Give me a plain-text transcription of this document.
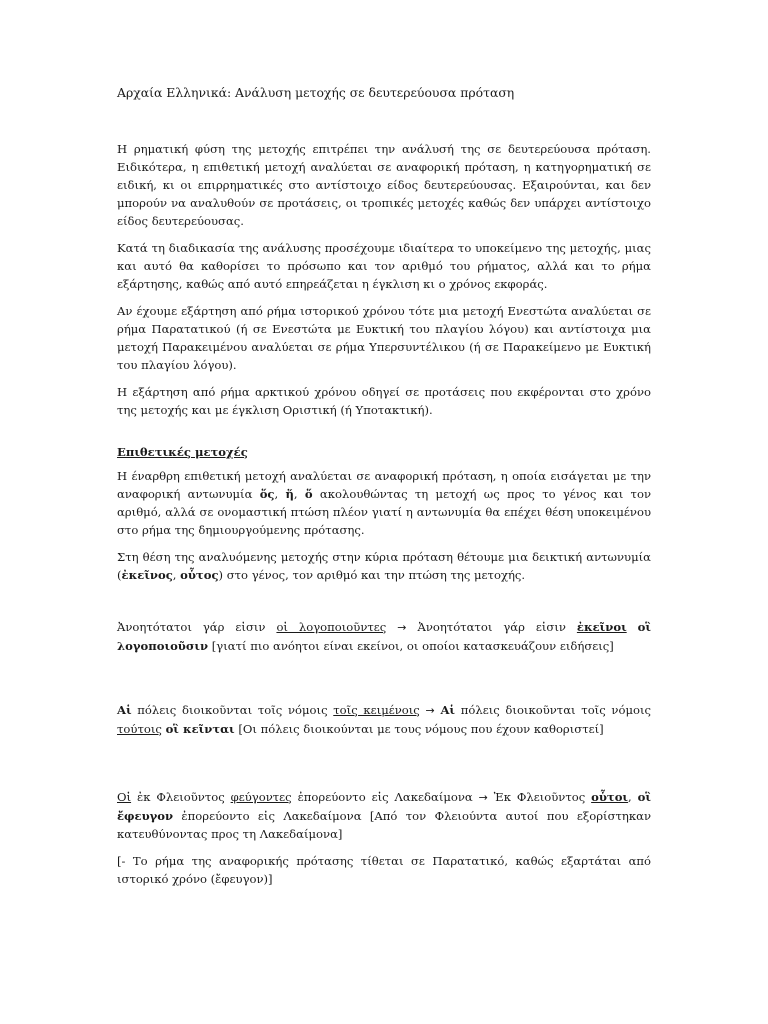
Αρχαία Ελληνικά: Ανάλυση μετοχής σε δευτερεύουσα πρόταση

Η ρηματική φύση της μετοχής επιτρέπει την ανάλυσή της σε δευτερεύουσα πρόταση. Ειδικότερα, η επιθετική μετοχή αναλύεται σε αναφορική πρόταση, η κατηγορηματική σε ειδική, κι οι επιρρηματικές στο αντίστοιχο είδος δευτερεύουσας. Εξαιρούνται, και δεν μπορούν να αναλυθούν σε προτάσεις, οι τροπικές μετοχές καθώς δεν υπάρχει αντίστοιχο είδος δευτερεύουσας.

Κατά τη διαδικασία της ανάλυσης προσέχουμε ιδιαίτερα το υποκείμενο της μετοχής, μιας και αυτό θα καθορίσει το πρόσωπο και τον αριθμό του ρήματος, αλλά και το ρήμα εξάρτησης, καθώς από αυτό επηρεάζεται η έγκλιση κι ο χρόνος εκφοράς.

Αν έχουμε εξάρτηση από ρήμα ιστορικού χρόνου τότε μια μετοχή Ενεστώτα αναλύεται σε ρήμα Παρατατικού (ή σε Ενεστώτα με Ευκτική του πλαγίου λόγου) και αντίστοιχα μια μετοχή Παρακειμένου αναλύεται σε ρήμα Υπερσυντέλικου (ή σε Παρακείμενο με Ευκτική του πλαγίου λόγου).

Η εξάρτηση από ρήμα αρκτικού χρόνου οδηγεί σε προτάσεις που εκφέρονται στο χρόνο της μετοχής και με έγκλιση Οριστική (ή Υποτακτική).

Επιθετικές μετοχές

Η έναρθρη επιθετική μετοχή αναλύεται σε αναφορική πρόταση, η οποία εισάγεται με την αναφορική αντωνυμία ὅς, ἥ, ὅ ακολουθώντας τη μετοχή ως προς το γένος και τον αριθμό, αλλά σε ονομαστική πτώση πλέον γιατί η αντωνυμία θα επέχει θέση υποκειμένου στο ρήμα της δημιουργούμενης πρότασης.

Στη θέση της αναλυόμενης μετοχής στην κύρια πρόταση θέτουμε μια δεικτική αντωνυμία (ἐκεῖνος, οὗτος) στο γένος, τον αριθμό και την πτώση της μετοχής.

Ἀνοητότατοι γάρ εἰσιν οἱ λογοποιοῦντες → Ἀνοητότατοι γάρ εἰσιν ἐκεῖνοι οἳ λογοποιοῦσιν [γιατί πιο ανόητοι είναι εκείνοι, οι οποίοι κατασκευάζουν ειδήσεις]

Αἱ πόλεις διοικοῦνται τοῖς νόμοις τοῖς κειμένοις → Αἱ πόλεις διοικοῦνται τοῖς νόμοις τούτοις οἳ κεῖνται [Οι πόλεις διοικούνται με τους νόμους που έχουν καθοριστεί]

Οἱ ἐκ Φλειοῦντος φεύγοντες ἐπορεύοντο εἰς Λακεδαίμονα → Ἐκ Φλειοῦντος οὗτοι, οἳ ἔφευγον ἐπορεύοντο εἰς Λακεδαίμονα [Από τον Φλειούντα αυτοί που εξορίστηκαν κατευθύνοντας προς τη Λακεδαίμονα]

[- Το ρήμα της αναφορικής πρότασης τίθεται σε Παρατατικό, καθώς εξαρτάται από ιστορικό χρόνο (ἔφευγον)]
